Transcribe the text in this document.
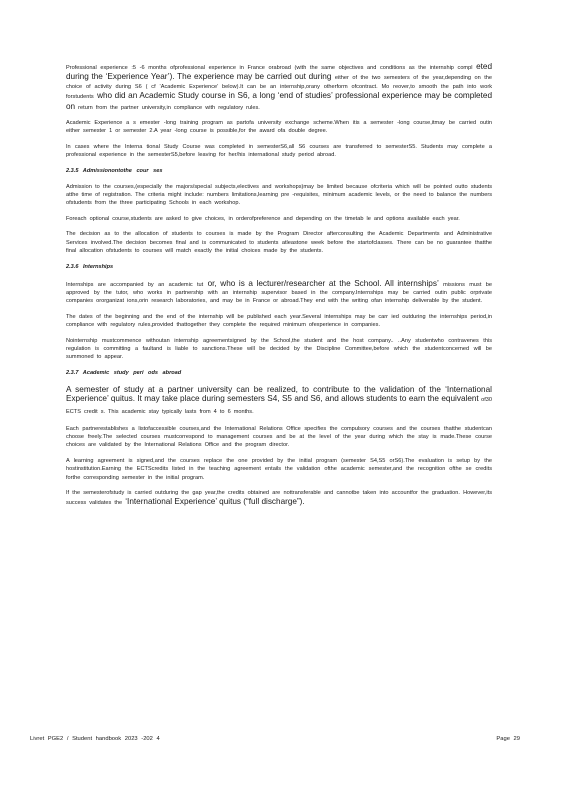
Professional experience :5 -6 months ofprofessional experience in France orabroad (with the same objectives and conditions as the internship compl eted during the ‘Experience Year’). The experience may be carried out during either of the two semesters of the year,depending on the choice of activity during S6 ( cf ‘Academic Experience’ below).It can be an internship,orany otherform ofcontract. Mo reover,to smooth the path into work forstudents who did an Academic Study course in S6, a long ‘end of studies’ professional experience may be completed on return from the partner university,in compliance with regulatory rules.

Academic Experience a s emester -long training program as partofa university exchange scheme.When itis a semester -long course,itmay be carried outin either semester 1 or semester 2.A year -long course is possible,for the award ofa double degree.

In cases where the Interna tional Study Course was completed in semesterS6,all S6 courses are transferred to semesterS5. Students may complete a professional experience in the semesterS5,before leaving for her/his international study period abroad.

2.3.5 Admissionontothe cour ses

Admission to the courses,(especially the majors/special subjects,electives and workshops)may be limited because ofcriteria which will be pointed outto students atthe time of registration. The criteria might include: numbers limitations,learning pre -requisites, minimum academic levels, or the need to balance the numbers ofstudents from the three participating Schools in each workshop.

Foreach optional course,students are asked to give choices, in orderofpreference and depending on the timetab le and options available each year.

The decision as to the allocation of students to courses is made by the Program Director afterconsulting the Academic Departments and Administrative Services involved.The decision becomes final and is communicated to students atleastone week before the startofclasses. There can be no guarantee thatthe final allocation ofstudents to courses will match exactly the initial choices made by the students.

2.3.6 Internships

Internships are accompanied by an academic tut or, who is a lecturer/researcher at the School. All internships’ missions must be approved by the tutor, who works in partnership with an internship supervisor based in the company.Internships may be carried outin public orprivate companies ororganizat ions,orin research laboratories, and may be in France or abroad.They end with the writing ofan internship deliverable by the student.

The dates of the beginning and the end of the internship will be published each year.Several internships may be carr ied outduring the internships period,in compliance with regulatory rules,provided thattogether they complete the required minimum ofexperience in companies.

Nointernship mustcommence withoutan internship agreementsigned by the School,the student and the host company.. ..Any studentwho contravenes this regulation is committing a faultand is liable to sanctions.These will be decided by the Discipline Committee,before which the studentconcerned will be summoned to appear.

2.3.7 Academic study peri ods abroad

A semester of study at a partner university can be realized, to contribute to the validation of the ‘International Experience’ quitus. It may take place during semesters S4, S5 and S6, and allows students to earn the equivalent of30 ECTS credit s. This academic stay typically lasts from 4 to 6 months.

Each partnerestablishes a listofaccessible courses,and the International Relations Office specifies the compulsory courses and the courses thatthe studentcan choose freely.The selected courses mustcorrespond to management courses and be at the level of the year during which the stay is made.These course choices are validated by the International Relations Office and the program director.

A learning agreement is signed,and the courses replace the one provided by the initial program (semester S4,S5 orS6).The evaluation is setup by the hostinstitution.Earning the ECTScredits listed in the teaching agreement entails the validation ofthe academic semester,and the recognition ofthe se credits forthe corresponding semester in the initial program.

If the semesterofstudy is carried outduring the gap year,the credits obtained are nottransferable and cannotbe taken into accountfor the graduation. However,its success validates the ‘International Experience’ quitus (“full discharge”).

Livret PGE2 / Student handbook 2023 -202 4	Page 29
